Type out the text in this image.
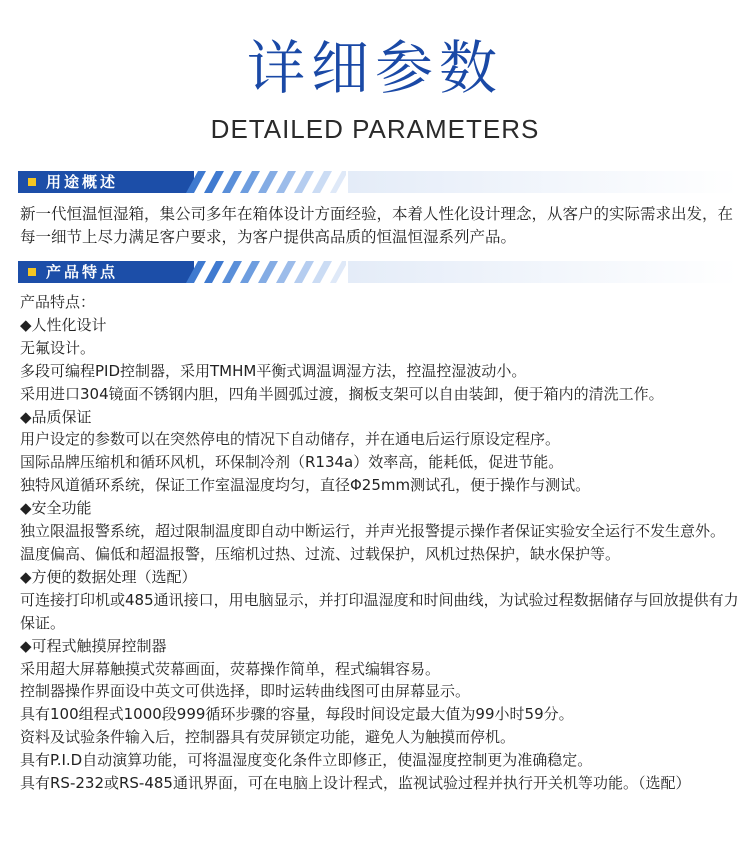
详细参数
DETAILED PARAMETERS
用途概述
新一代恒温恒湿箱，集公司多年在箱体设计方面经验，本着人性化设计理念，从客户的实际需求出发，在每一细节上尽力满足客户要求，为客户提供高品质的恒温恒湿系列产品。
产品特点
产品特点：
◆人性化设计
无氟设计。
多段可编程PID控制器，采用TMHM平衡式调温调湿方法，控温控湿波动小。
采用进口304镜面不锈钢内胆，四角半圆弧过渡，搁板支架可以自由装卸，便于箱内的清洗工作。
◆品质保证
用户设定的参数可以在突然停电的情况下自动储存，并在通电后运行原设定程序。
国际品牌压缩机和循环风机，环保制冷剂（R134a）效率高，能耗低，促进节能。
独特风道循环系统，保证工作室温湿度均匀，直径Φ25mm测试孔，便于操作与测试。
◆安全功能
独立限温报警系统，超过限制温度即自动中断运行，并声光报警提示操作者保证实验安全运行不发生意外。
温度偏高、偏低和超温报警，压缩机过热、过流、过载保护，风机过热保护，缺水保护等。
◆方便的数据处理（选配）
可连接打印机或485通讯接口，用电脑显示，并打印温湿度和时间曲线，为试验过程数据储存与回放提供有力保证。
◆可程式触摸屏控制器
采用超大屏幕触摸式荧幕画面，荧幕操作简单，程式编辑容易。
控制器操作界面设中英文可供选择，即时运转曲线图可由屏幕显示。
具有100组程式1000段999循环步骤的容量，每段时间设定最大值为99小时59分。
资料及试验条件输入后，控制器具有荧屏锁定功能，避免人为触摸而停机。
具有P.I.D自动演算功能，可将温湿度变化条件立即修正，使温湿度控制更为准确稳定。
具有RS-232或RS-485通讯界面，可在电脑上设计程式，监视试验过程并执行开关机等功能。（选配）
